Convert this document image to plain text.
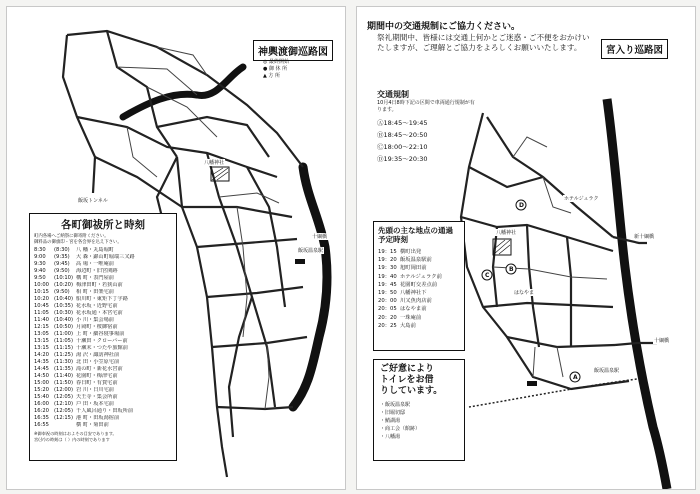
神輿渡御巡路図
◎ 最終開始
● 御 休 所
▲ 方 所
飯坂トンネル
八幡神社
飯坂温泉駅
十綱橋
各町御祓所と時刻
町内各場へご納祭に御寄附ください。
御料品の御旗印・宮を各会界を込え下さい。
8:30	(8:30)	八 幡・丸島堀町
9:00	(9:35)	大 森・錦山町堀端三又路
9:30	(9:45)	高 場・一唯庵前
9:40	(9:50)	海辺町・旧宮関跡
9:50	(10:10) 構 町・表門屋前
10:00 (10:20) 梅津田町・若狭山前
10:15 (9:50)	相 町・田楽宅前
10:20 (10:40) 船川町・東矩下丁字路
10:45 (10:35) 花水坂・近野宅前
11:05 (10:30) 花水坂通・本宮宅前
11:40 (10:40) 小 川・集会場前
12:15 (10:50) 月岡町・桜御宿前
13:05 (11:00) 上 町・細谷寝事場前
13:15 (11:05) 十瀬田・クローバー前
13:15 (11:15) 十瀬末・つたや旅館前
14:20 (11:25) 湯 沢・諏訪神社前
14:35 (11:30) 北 田・小笠原宅前
14:45 (11:35) 滝の町・新花水宮前
14:50 (11:40) 花園町・梅津宅前
15:00 (11:50) 春日町・有賀宅前
15:20 (12:00) 岩 川・日川宅前
15:40 (12:05) 天王寺・集会所前
16:00 (12:10) 戸 田・坂本宅前
16:20 (12:05) 千人風呂通り・田坂所前
16:35 (12:15) 港 町・田坂湯宿前
16:55	横 町・菊田前
※御奉祝の時刻はおよその目安であります。
宮(夕)の時刻は（ ）内の時刻であります
期間中の交通規制にご協力ください。
祭礼期間中、皆様には交通上何かとご迷惑・ご不便をおかけいたしますが、ご理解とご協力をよろしくお願いいたします。	宮入り巡路図
交通規制
10月4日8時下記の区間で車両通行規制が有ります。
Ⓐ18:45〜19:45
Ⓑ18:45〜20:50
Ⓒ18:00〜22:10
Ⓓ19:35〜20:30
先頭の主な地点の通過予定時刻
19：15 横町出発
19：20 飯坂温泉駅前
19：30 旭町岡田前
19：40 ホテルジュラク前
19：45 花園町交差点前
19：50 八幡神社下
20：00 川又魚肉店前
20：05 はなやま前
20：20 一珠庵前
20：25 大島前
ご好意により
トイレをお借
りしています。
・飯坂温泉駅
・旧堀切邸
・鯖湖湯
・商工会（館跡）
・八幡湯
八幡神社
ホテルジュラク
新十綱橋
十綱橋
飯坂温泉駅
はなやま
A
B
C
D
